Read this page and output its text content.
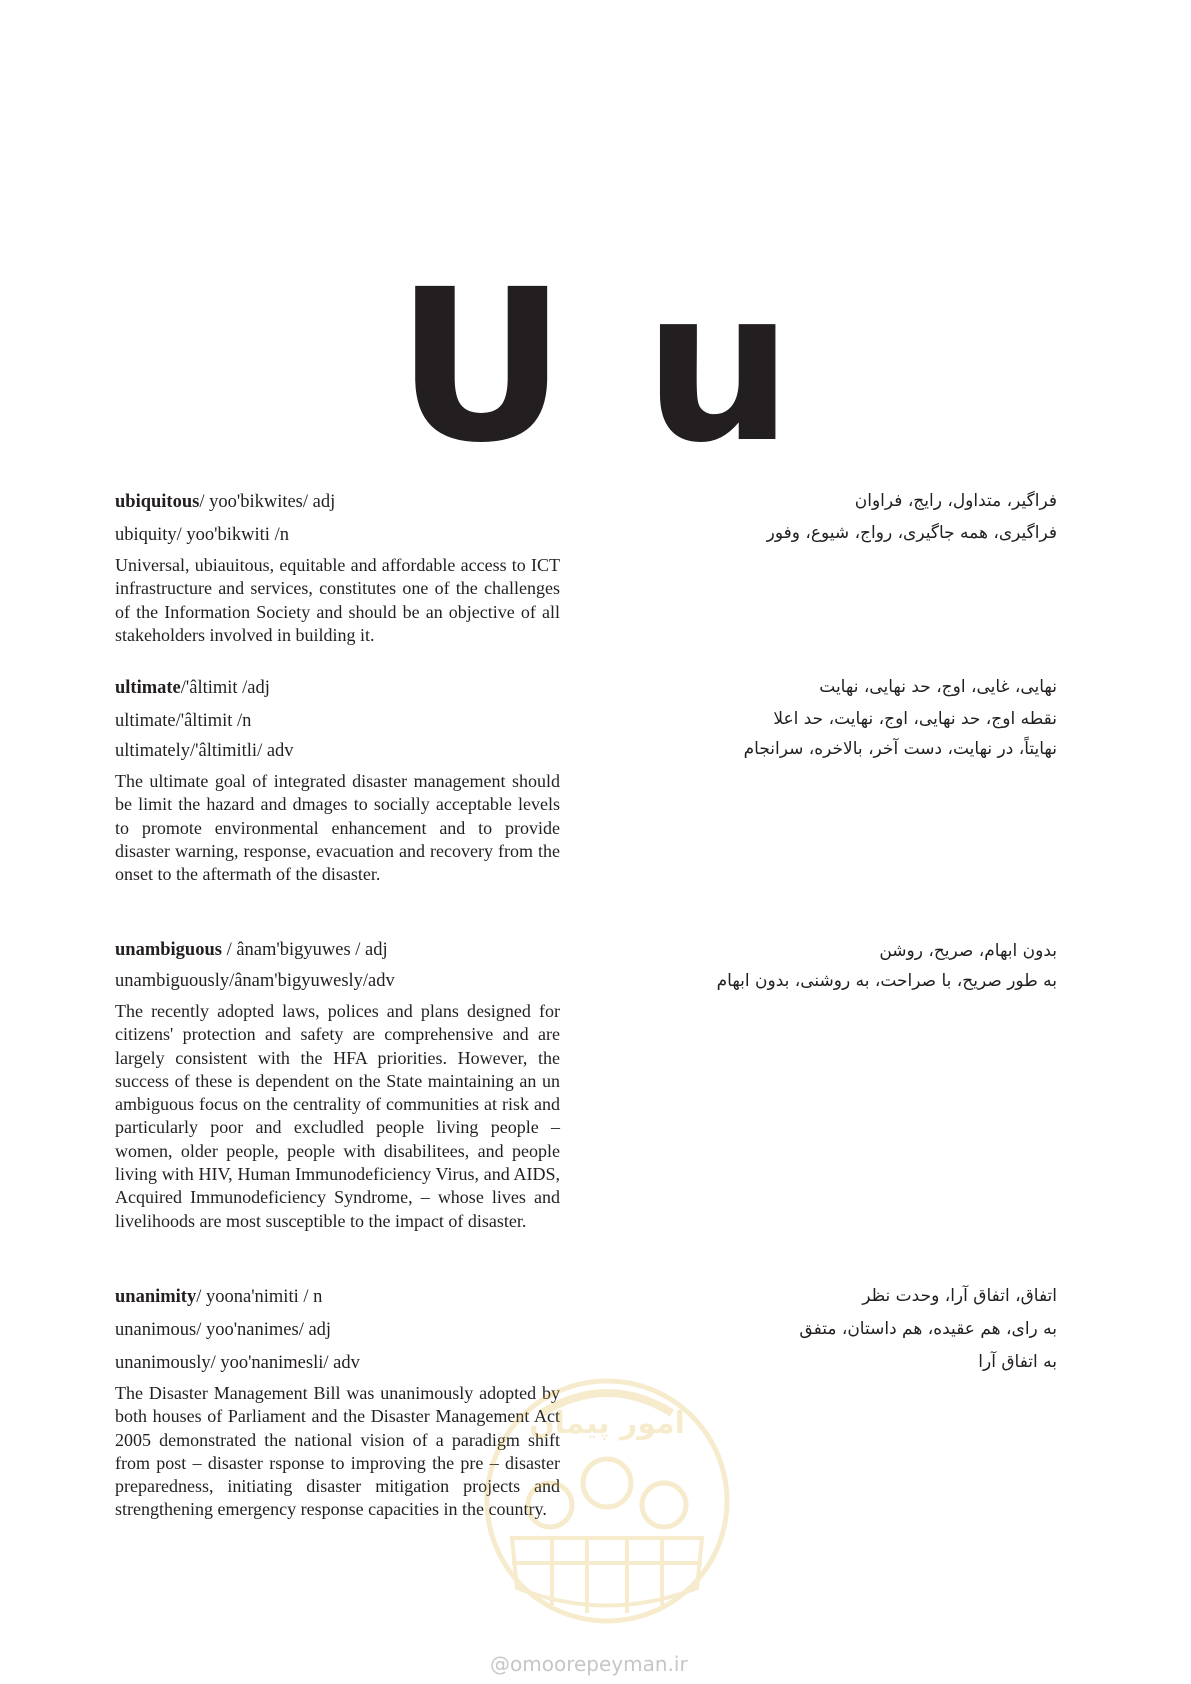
U u
ubiquitous/ yoo'bikwites/ adj
ubiquity/ yoo'bikwiti /n
Universal, ubiauitous, equitable and affordable access to ICT infrastructure and services, constitutes one of the challenges of the Information Society and should be an objective of all stakeholders involved in building it.
فراگیر، متداول، رایج، فراوان
فراگیری، همه جاگیری، رواج، شیوع، وفور
ultimate/'âltimit /adj
ultimate/'âltimit /n
ultimately/'âltimitli/ adv
The ultimate goal of integrated disaster management should be limit the hazard and dmages to socially acceptable levels to promote environmental enhancement and to provide disaster warning, response, evacuation and recovery from the onset to the aftermath of the disaster.
نهایی، غایی، اوج، حد نهایی، نهایت
نقطه اوج، حد نهایی، اوج، نهایت، حد اعلا
نهایتاً، در نهایت، دست آخر، بالاخره، سرانجام
unambiguous / ânam'bigyuwes / adj
unambiguously/ânam'bigyuwesly/adv
The recently adopted laws, polices and plans designed for citizens' protection and safety are comprehensive and are largely consistent with the HFA priorities. However, the success of these is dependent on the State maintaining an un ambiguous focus on the centrality of communities at risk and particularly poor and excludled people living people – women, older people, people with disabilitees, and people living with HIV, Human Immunodeficiency Virus, and AIDS, Acquired Immunodeficiency Syndrome, – whose lives and livelihoods are most susceptible to the impact of disaster.
بدون ابهام، صریح، روشن
به طور صریح، با صراحت، به روشنی، بدون ابهام
unanimity/ yoona'nimiti / n
unanimous/ yoo'nanimes/ adj
unanimously/ yoo'nanimesli/ adv
The Disaster Management Bill was unanimously adopted by both houses of Parliament and the Disaster Management Act 2005 demonstrated the national vision of a paradigm shift from post – disaster rsponse to improving the pre – disaster preparedness, initiating disaster mitigation projects and strengthening emergency response capacities in the country.
اتفاق، اتفاق آرا، وحدت نظر
به رای، هم عقیده، هم داستان، متفق
به اتفاق آرا
امور پیمان
@omoorepeyman.ir
